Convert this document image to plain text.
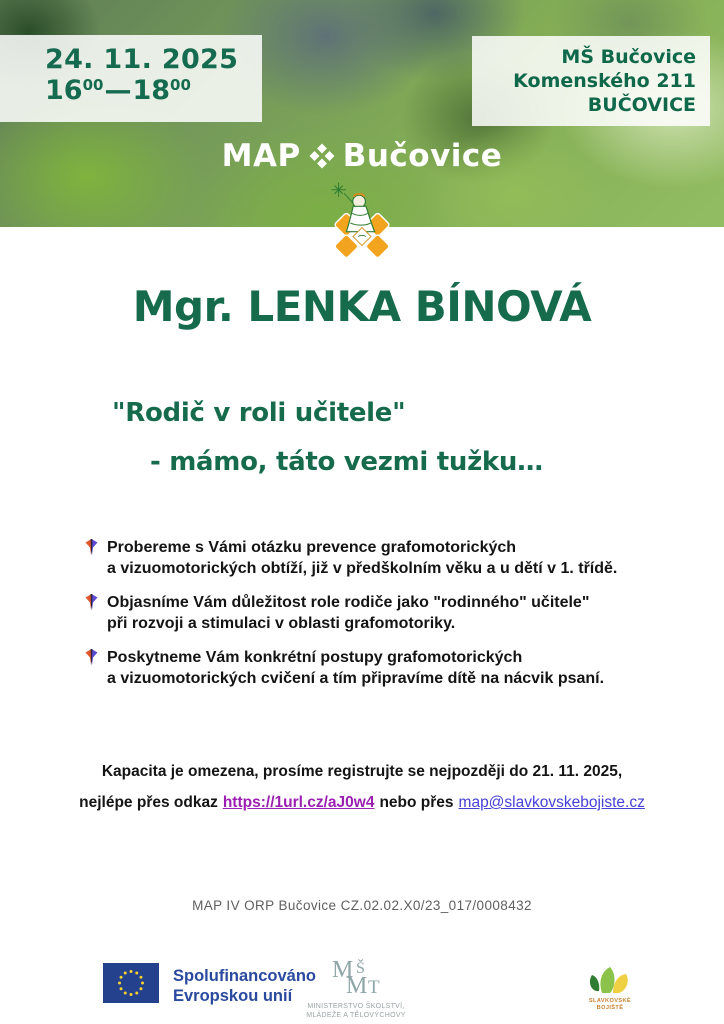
24. 11. 2025
$16^{00}—18^{00}$
MŠ Bučovice
Komenského 211
BUČOVICE
MAP Bučovice
Mgr. LENKA BÍNOVÁ
"Rodič v roli učitele"
- mámo, táto vezmi tužku…
Probereme s Vámi otázku prevence grafomotorických
a vizuomotorických obtíží, již v předškolním věku a u dětí v 1. třídě.
Objasníme Vám důležitost role rodiče jako "rodinného" učitele"
při rozvoji a stimulaci v oblasti grafomotoriky.
Poskytneme Vám konkrétní postupy grafomotorických
a vizuomotorických cvičení a tím připravíme dítě na nácvik psaní.
Kapacita je omezena, prosíme registrujte se nejpozději do 21. 11. 2025,
nejlépe přes odkaz https://1url.cz/aJ0w4 nebo přes map@slavkovskebojiste.cz
MAP IV ORP Bučovice CZ.02.02.X0/23_017/0008432
Spolufinancováno
Evropskou unií
M Š
M T
MINISTERSTVO ŠKOLSTVÍ,
MLÁDEŽE A TĚLOVÝCHOVY
SLAVKOVSKÉ
BOJIŠTĚ
